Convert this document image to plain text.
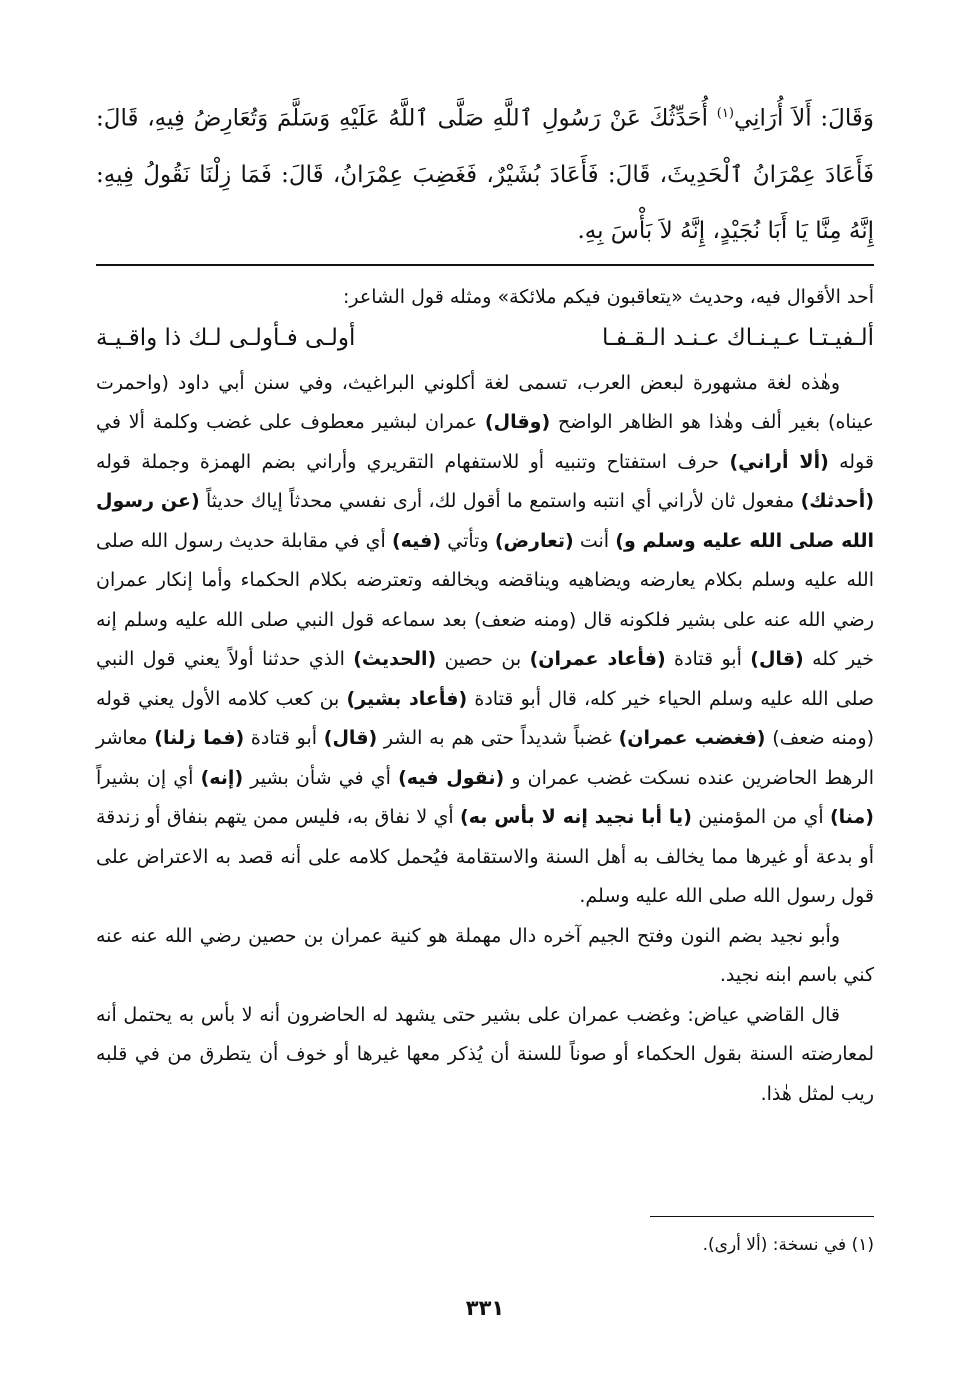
وَقَالَ: أَلاَ أُرَانِي$^{(١)}$ أُحَدِّثُكَ عَنْ رَسُولِ ٱللَّهِ صَلَّى ٱللَّهُ عَلَيْهِ وَسَلَّمَ وَتُعَارِضُ فِيهِ، قَالَ: فَأَعَادَ عِمْرَانُ ٱلْحَدِيثَ، قَالَ: فَأَعَادَ بُشَيْرٌ، فَغَضِبَ عِمْرَانُ، قَالَ: فَمَا زِلْنَا نَقُولُ فِيهِ: إِنَّهُ مِنَّا يَا أَبَا نُجَيْدٍ، إِنَّهُ لاَ بَأْسَ بِهِ.

أحد الأقوال فيه، وحديث «يتعاقبون فيكم ملائكة» ومثله قول الشاعر:

ألـفيـتـا عـيـنـاك عـنـد الـقـفـا
أولـى فـأولـى لـك ذا واقـيـة

وهٰذه لغة مشهورة لبعض العرب، تسمى لغة أكلوني البراغيث، وفي سنن أبي داود (واحمرت عيناه) بغير ألف وهٰذا هو الظاهر الواضح (وقال) عمران لبشير معطوف على غضب وكلمة ألا في قوله (ألا أراني) حرف استفتاح وتنبيه أو للاستفهام التقريري وأراني بضم الهمزة وجملة قوله (أحدثك) مفعول ثان لأراني أي انتبه واستمع ما أقول لك، أرى نفسي محدثاً إياك حديثاً (عن رسول الله صلى الله عليه وسلم و) أنت (تعارض) وتأتي (فيه) أي في مقابلة حديث رسول الله صلى الله عليه وسلم بكلام يعارضه ويضاهيه ويناقضه ويخالفه وتعترضه بكلام الحكماء وأما إنكار عمران رضي الله عنه على بشير فلكونه قال (ومنه ضعف) بعد سماعه قول النبي صلى الله عليه وسلم إنه خير كله (قال) أبو قتادة (فأعاد عمران) بن حصين (الحديث) الذي حدثنا أولاً يعني قول النبي صلى الله عليه وسلم الحياء خير كله، قال أبو قتادة (فأعاد بشير) بن كعب كلامه الأول يعني قوله (ومنه ضعف) (فغضب عمران) غضباً شديداً حتى هم به الشر (قال) أبو قتادة (فما زلنا) معاشر الرهط الحاضرين عنده نسكت غضب عمران و (نقول فيه) أي في شأن بشير (إنه) أي إن بشيراً (منا) أي من المؤمنين (يا أبا نجيد إنه لا بأس به) أي لا نفاق به، فليس ممن يتهم بنفاق أو زندقة أو بدعة أو غيرها مما يخالف به أهل السنة والاستقامة فيُحمل كلامه على أنه قصد به الاعتراض على قول رسول الله صلى الله عليه وسلم.

وأبو نجيد بضم النون وفتح الجيم آخره دال مهملة هو كنية عمران بن حصين رضي الله عنه عنه كني باسم ابنه نجيد.

قال القاضي عياض: وغضب عمران على بشير حتى يشهد له الحاضرون أنه لا بأس به يحتمل أنه لمعارضته السنة بقول الحكماء أو صوناً للسنة أن يُذكر معها غيرها أو خوف أن يتطرق من في قلبه ريب لمثل هٰذا.

(١) في نسخة: (ألا أرى).

٣٣١
